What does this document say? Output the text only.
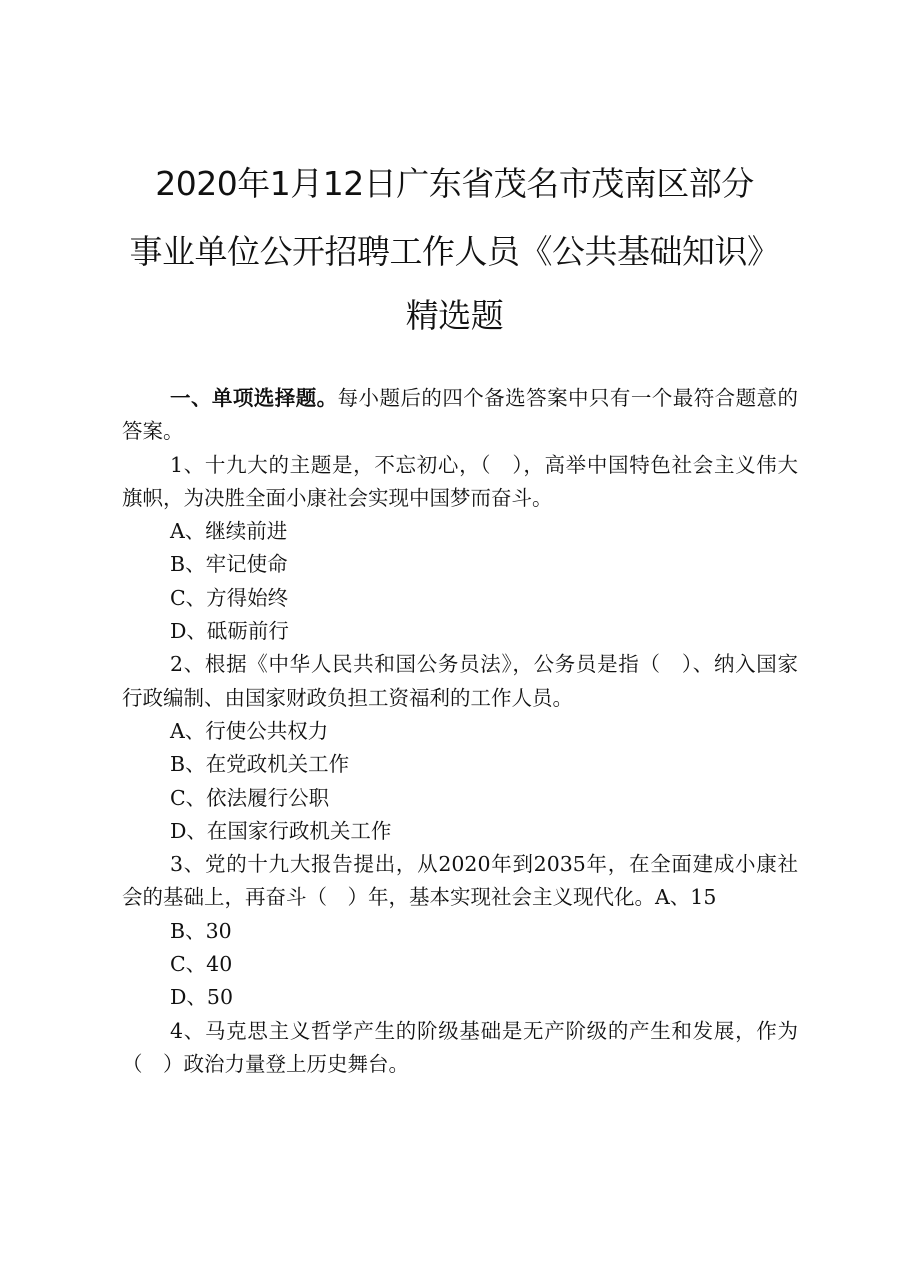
2020年1月12日广东省茂名市茂南区部分
事业单位公开招聘工作人员《公共基础知识》
精选题

一、单项选择题。每小题后的四个备选答案中只有一个最符合题意的答案。

1、十九大的主题是，不忘初心，（　），高举中国特色社会主义伟大旗帜，为决胜全面小康社会实现中国梦而奋斗。

A、继续前进

B、牢记使命

C、方得始终

D、砥砺前行

2、根据《中华人民共和国公务员法》，公务员是指（　）、纳入国家行政编制、由国家财政负担工资福利的工作人员。

A、行使公共权力

B、在党政机关工作

C、依法履行公职

D、在国家行政机关工作

3、党的十九大报告提出，从2020年到2035年，在全面建成小康社会的基础上，再奋斗（　）年，基本实现社会主义现代化。A、15

B、30

C、40

D、50

4、马克思主义哲学产生的阶级基础是无产阶级的产生和发展，作为（　）政治力量登上历史舞台。
